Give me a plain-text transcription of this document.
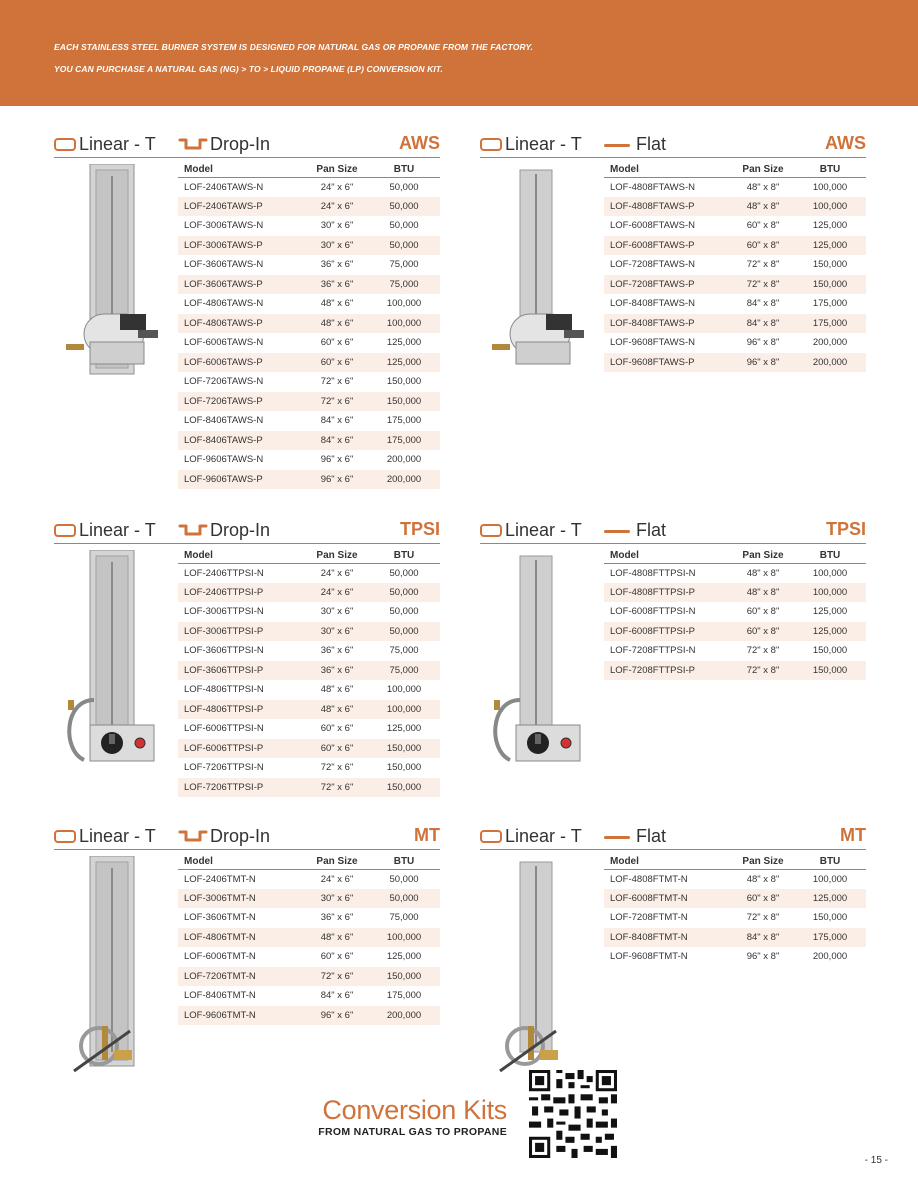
EACH STAINLESS STEEL BURNER SYSTEM IS DESIGNED FOR NATURAL GAS OR PROPANE FROM THE FACTORY.

YOU CAN PURCHASE A NATURAL GAS (NG) > TO > LIQUID PROPANE (LP) CONVERSION KIT.

Linear - T	Drop-In	AWS
Model	Pan Size	BTU
LOF-2406TAWS-N	24" x 6"	50,000
LOF-2406TAWS-P	24" x 6"	50,000
LOF-3006TAWS-N	30" x 6"	50,000
LOF-3006TAWS-P	30" x 6"	50,000
LOF-3606TAWS-N	36" x 6"	75,000
LOF-3606TAWS-P	36" x 6"	75,000
LOF-4806TAWS-N	48" x 6"	100,000
LOF-4806TAWS-P	48" x 6"	100,000
LOF-6006TAWS-N	60" x 6"	125,000
LOF-6006TAWS-P	60" x 6"	125,000
LOF-7206TAWS-N	72" x 6"	150,000
LOF-7206TAWS-P	72" x 6"	150,000
LOF-8406TAWS-N	84" x 6"	175,000
LOF-8406TAWS-P	84" x 6"	175,000
LOF-9606TAWS-N	96" x 6"	200,000
LOF-9606TAWS-P	96" x 6"	200,000
Linear - T	Flat	AWS
Model	Pan Size	BTU
LOF-4808FTAWS-N	48" x 8"	100,000
LOF-4808FTAWS-P	48" x 8"	100,000
LOF-6008FTAWS-N	60" x 8"	125,000
LOF-6008FTAWS-P	60" x 8"	125,000
LOF-7208FTAWS-N	72" x 8"	150,000
LOF-7208FTAWS-P	72" x 8"	150,000
LOF-8408FTAWS-N	84" x 8"	175,000
LOF-8408FTAWS-P	84" x 8"	175,000
LOF-9608FTAWS-N	96" x 8"	200,000
LOF-9608FTAWS-P	96" x 8"	200,000
Linear - T	Drop-In	TPSI
Model	Pan Size	BTU
LOF-2406TTPSI-N	24" x 6"	50,000
LOF-2406TTPSI-P	24" x 6"	50,000
LOF-3006TTPSI-N	30" x 6"	50,000
LOF-3006TTPSI-P	30" x 6"	50,000
LOF-3606TTPSI-N	36" x 6"	75,000
LOF-3606TTPSI-P	36" x 6"	75,000
LOF-4806TTPSI-N	48" x 6"	100,000
LOF-4806TTPSI-P	48" x 6"	100,000
LOF-6006TTPSI-N	60" x 6"	125,000
LOF-6006TTPSI-P	60" x 6"	150,000
LOF-7206TTPSI-N	72" x 6"	150,000
LOF-7206TTPSI-P	72" x 6"	150,000
Linear - T	Flat	TPSI
Model	Pan Size	BTU
LOF-4808FTTPSI-N	48" x 8"	100,000
LOF-4808FTTPSI-P	48" x 8"	100,000
LOF-6008FTTPSI-N	60" x 8"	125,000
LOF-6008FTTPSI-P	60" x 8"	125,000
LOF-7208FTTPSI-N	72" x 8"	150,000
LOF-7208FTTPSI-P	72" x 8"	150,000
Linear - T	Drop-In	MT
Model	Pan Size	BTU
LOF-2406TMT-N	24" x 6"	50,000
LOF-3006TMT-N	30" x 6"	50,000
LOF-3606TMT-N	36" x 6"	75,000
LOF-4806TMT-N	48" x 6"	100,000
LOF-6006TMT-N	60" x 6"	125,000
LOF-7206TMT-N	72" x 6"	150,000
LOF-8406TMT-N	84" x 6"	175,000
LOF-9606TMT-N	96" x 6"	200,000
Linear - T	Flat	MT
Model	Pan Size	BTU
LOF-4808FTMT-N	48" x 8"	100,000
LOF-6008FTMT-N	60" x 8"	125,000
LOF-7208FTMT-N	72" x 8"	150,000
LOF-8408FTMT-N	84" x 8"	175,000
LOF-9608FTMT-N	96" x 8"	200,000
Conversion Kits
FROM NATURAL GAS TO PROPANE
- 15 -
